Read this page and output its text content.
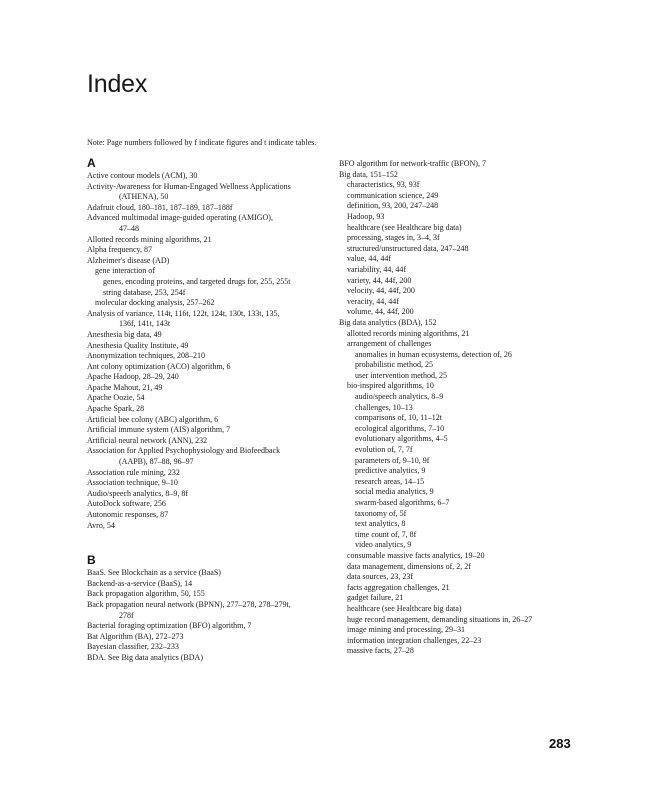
Index
Note: Page numbers followed by f indicate figures and t indicate tables.
A
Active contour models (ACM), 30
Activity-Awareness for Human-Engaged Wellness Applications
(ATHENA), 50
Adafruit cloud, 180–181, 187–189, 187–188f
Advanced multimodal image-guided operating (AMIGO),
47–48
Allotted records mining algorithms, 21
Alpha frequency, 87
Alzheimer's disease (AD)
gene interaction of
genes, encoding proteins, and targeted drugs for, 255, 255t
string database, 253, 254f
molecular docking analysis, 257–262
Analysis of variance, 114t, 116t, 122t, 124t, 130t, 133t, 135,
136f, 141t, 143t
Anesthesia big data, 49
Anesthesia Quality Institute, 49
Anonymization techniques, 208–210
Ant colony optimization (ACO) algorithm, 6
Apache Hadoop, 28–29, 240
Apache Mahout, 21, 49
Apache Oozie, 54
Apache Spark, 28
Artificial bee colony (ABC) algorithm, 6
Artificial immune system (AIS) algorithm, 7
Artificial neural network (ANN), 232
Association for Applied Psychophysiology and Biofeedback
(AAPB), 87–88, 96–97
Association rule mining, 232
Association technique, 9–10
Audio/speech analytics, 8–9, 8f
AutoDock software, 256
Autonomic responses, 87
Avro, 54
B
BaaS. See Blockchain as a service (BaaS)
Backend-as-a-service (BaaS), 14
Back propagation algorithm, 50, 155
Back propagation neural network (BPNN), 277–278, 278–279t,
278f
Bacterial foraging optimization (BFO) algorithm, 7
Bat Algorithm (BA), 272–273
Bayesian classifier, 232–233
BDA. See Big data analytics (BDA)
BFO algorithm for network-traffic (BFON), 7
Big data, 151–152
characteristics, 93, 93f
communication science, 249
definition, 93, 200, 247–248
Hadoop, 93
healthcare (see Healthcare big data)
processing, stages in, 3–4, 3f
structured/unstructured data, 247–248
value, 44, 44f
variability, 44, 44f
variety, 44, 44f, 200
velocity, 44, 44f, 200
veracity, 44, 44f
volume, 44, 44f, 200
Big data analytics (BDA), 152
allotted records mining algorithms, 21
arrangement of challenges
anomalies in human ecosystems, detection of, 26
probabilistic method, 25
user intervention method, 25
bio-inspired algorithms, 10
audio/speech analytics, 8–9
challenges, 10–13
comparisons of, 10, 11–12t
ecological algorithms, 7–10
evolutionary algorithms, 4–5
evolution of, 7, 7f
parameters of, 9–10, 9f
predictive analytics, 9
research areas, 14–15
social media analytics, 9
swarm-based algorithms, 6–7
taxonomy of, 5f
text analytics, 8
time count of, 7, 8f
video analytics, 9
consumable massive facts analytics, 19–20
data management, dimensions of, 2, 2f
data sources, 23, 23f
facts aggregation challenges, 21
gadget failure, 21
healthcare (see Healthcare big data)
huge record management, demanding situations in, 26–27
image mining and processing, 29–31
information integration challenges, 22–23
massive facts, 27–28
283
